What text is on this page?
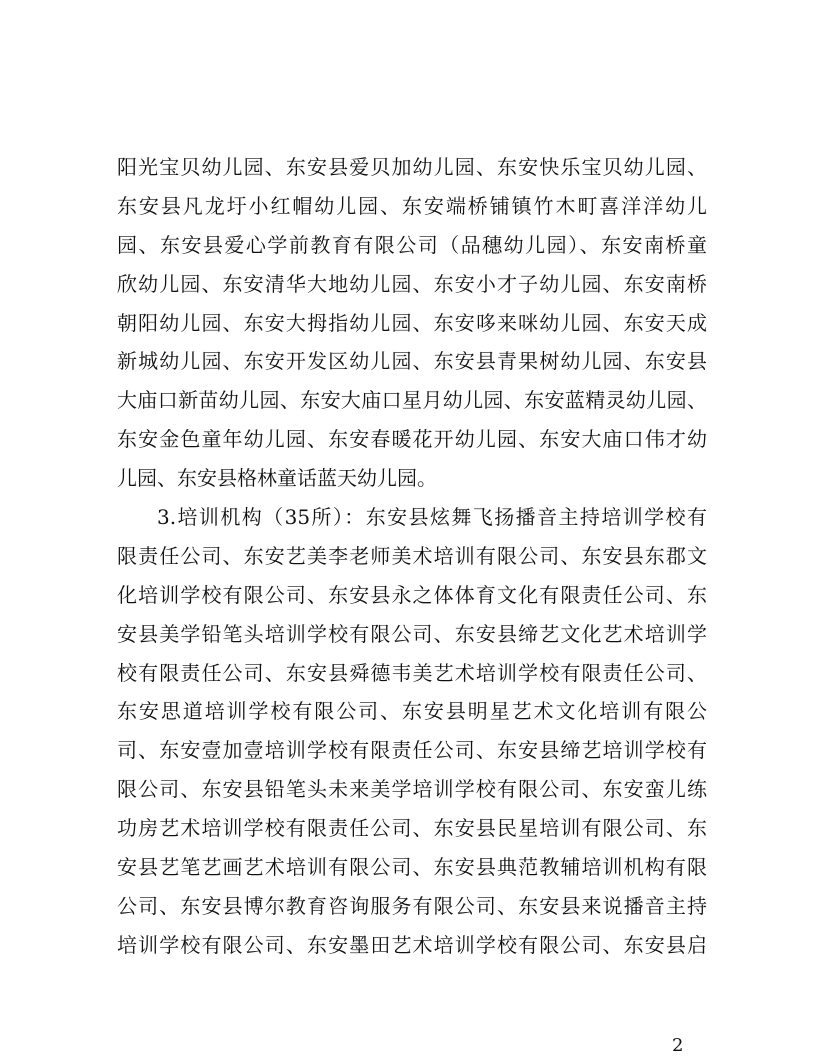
阳光宝贝幼儿园、东安县爱贝加幼儿园、东安快乐宝贝幼儿园、
东安县凡龙圩小红帽幼儿园、东安端桥铺镇竹木町喜洋洋幼儿
园、东安县爱心学前教育有限公司（品穗幼儿园）、东安南桥童
欣幼儿园、东安清华大地幼儿园、东安小才子幼儿园、东安南桥
朝阳幼儿园、东安大拇指幼儿园、东安哆来咪幼儿园、东安天成
新城幼儿园、东安开发区幼儿园、东安县青果树幼儿园、东安县
大庙口新苗幼儿园、东安大庙口星月幼儿园、东安蓝精灵幼儿园、
东安金色童年幼儿园、东安春暖花开幼儿园、东安大庙口伟才幼
儿园、东安县格林童话蓝天幼儿园。
3.培训机构（35所）：东安县炫舞飞扬播音主持培训学校有
限责任公司、东安艺美李老师美术培训有限公司、东安县东郡文
化培训学校有限公司、东安县永之体体育文化有限责任公司、东
安县美学铅笔头培训学校有限公司、东安县缔艺文化艺术培训学
校有限责任公司、东安县舜德韦美艺术培训学校有限责任公司、
东安思道培训学校有限公司、东安县明星艺术文化培训有限公
司、东安壹加壹培训学校有限责任公司、东安县缔艺培训学校有
限公司、东安县铅笔头未来美学培训学校有限公司、东安蛮儿练
功房艺术培训学校有限责任公司、东安县民星培训有限公司、东
安县艺笔艺画艺术培训有限公司、东安县典范教辅培训机构有限
公司、东安县博尔教育咨询服务有限公司、东安县来说播音主持
培训学校有限公司、东安墨田艺术培训学校有限公司、东安县启
2
